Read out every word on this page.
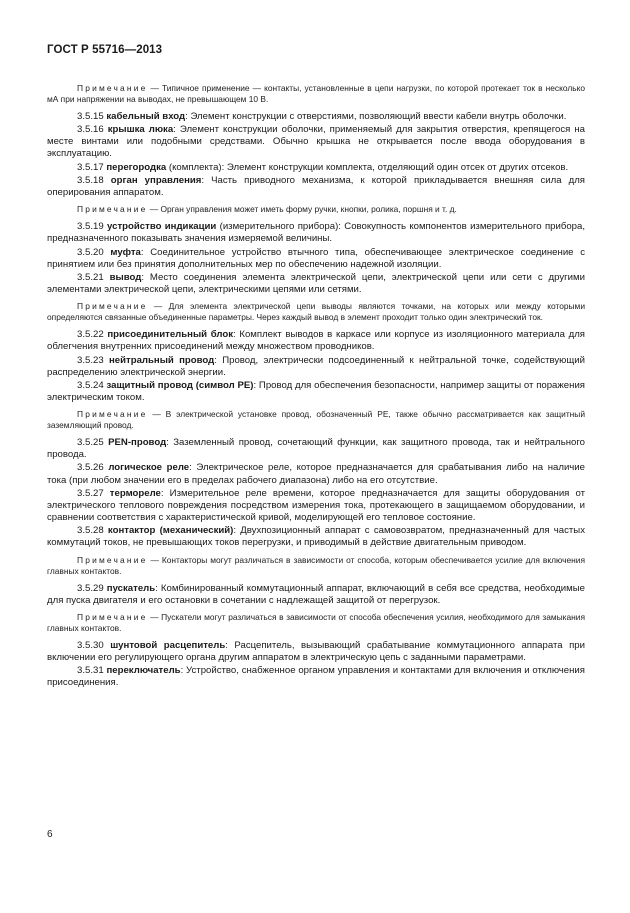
ГОСТ Р 55716—2013
Примечание — Типичное применение — контакты, установленные в цепи нагрузки, по которой протекает ток в несколько мА при напряжении на выводах, не превышающем 10 В.
3.5.15 кабельный вход: Элемент конструкции с отверстиями, позволяющий ввести кабели внутрь оболочки.
3.5.16 крышка люка: Элемент конструкции оболочки, применяемый для закрытия отверстия, крепящегося на месте винтами или подобными средствами. Обычно крышка не открывается после ввода оборудования в эксплуатацию.
3.5.17 перегородка (комплекта): Элемент конструкции комплекта, отделяющий один отсек от других отсеков.
3.5.18 орган управления: Часть приводного механизма, к которой прикладывается внешняя сила для оперирования аппаратом.
Примечание — Орган управления может иметь форму ручки, кнопки, ролика, поршня и т. д.
3.5.19 устройство индикации (измерительного прибора): Совокупность компонентов измерительного прибора, предназначенного показывать значения измеряемой величины.
3.5.20 муфта: Соединительное устройство втычного типа, обеспечивающее электрическое соединение с принятием или без принятия дополнительных мер по обеспечению надежной изоляции.
3.5.21 вывод: Место соединения элемента электрической цепи, электрической цепи или сети с другими элементами электрической цепи, электрическими цепями или сетями.
Примечание — Для элемента электрической цепи выводы являются точками, на которых или между которыми определяются связанные объединенные параметры. Через каждый вывод в элемент проходит только один электрический ток.
3.5.22 присоединительный блок: Комплект выводов в каркасе или корпусе из изоляционного материала для облегчения внутренних присоединений между множеством проводников.
3.5.23 нейтральный провод: Провод, электрически подсоединенный к нейтральной точке, содействующий распределению электрической энергии.
3.5.24 защитный провод (символ PE): Провод для обеспечения безопасности, например защиты от поражения электрическим током.
Примечание — В электрической установке провод, обозначенный PE, также обычно рассматривается как защитный заземляющий провод.
3.5.25 PEN-провод: Заземленный провод, сочетающий функции, как защитного провода, так и нейтрального провода.
3.5.26 логическое реле: Электрическое реле, которое предназначается для срабатывания либо на наличие тока (при любом значении его в пределах рабочего диапазона) либо на его отсутствие.
3.5.27 термореле: Измерительное реле времени, которое предназначается для защиты оборудования от электрического теплового повреждения посредством измерения тока, протекающего в защищаемом оборудовании, и сравнении соответствия с характеристической кривой, моделирующей его тепловое состояние.
3.5.28 контактор (механический): Двухпозиционный аппарат с самовозвратом, предназначенный для частых коммутаций токов, не превышающих токов перегрузки, и приводимый в действие двигательным приводом.
Примечание — Контакторы могут различаться в зависимости от способа, которым обеспечивается усилие для включения главных контактов.
3.5.29 пускатель: Комбинированный коммутационный аппарат, включающий в себя все средства, необходимые для пуска двигателя и его остановки в сочетании с надлежащей защитой от перегрузок.
Примечание — Пускатели могут различаться в зависимости от способа обеспечения усилия, необходимого для замыкания главных контактов.
3.5.30 шунтовой расцепитель: Расцепитель, вызывающий срабатывание коммутационного аппарата при включении его регулирующего органа другим аппаратом в электрическую цепь с заданными параметрами.
3.5.31 переключатель: Устройство, снабженное органом управления и контактами для включения и отключения присоединения.
6
